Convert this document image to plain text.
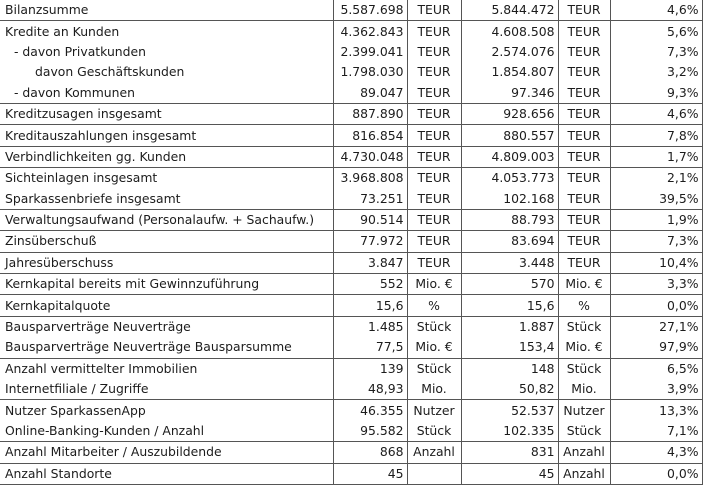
Bilanzsumme	5.587.698	TEUR	5.844.472	TEUR	4,6%
Kredite an Kunden	4.362.843	TEUR	4.608.508	TEUR	5,6%
- davon Privatkunden	2.399.041	TEUR	2.574.076	TEUR	7,3%
davon Geschäftskunden	1.798.030	TEUR	1.854.807	TEUR	3,2%
- davon Kommunen	89.047	TEUR	97.346	TEUR	9,3%
Kreditzusagen insgesamt	887.890	TEUR	928.656	TEUR	4,6%
Kreditauszahlungen insgesamt	816.854	TEUR	880.557	TEUR	7,8%
Verbindlichkeiten gg. Kunden	4.730.048	TEUR	4.809.003	TEUR	1,7%
Sichteinlagen insgesamt	3.968.808	TEUR	4.053.773	TEUR	2,1%
Sparkassenbriefe insgesamt	73.251	TEUR	102.168	TEUR	39,5%
Verwaltungsaufwand (Personalaufw. + Sachaufw.)	90.514	TEUR	88.793	TEUR	1,9%
Zinsüberschuß	77.972	TEUR	83.694	TEUR	7,3%
Jahresüberschuss	3.847	TEUR	3.448	TEUR	10,4%
Kernkapital bereits mit Gewinnzuführung	552	Mio. €	570	Mio. €	3,3%
Kernkapitalquote	15,6	%	15,6	%	0,0%
Bausparverträge Neuverträge	1.485	Stück	1.887	Stück	27,1%
Bausparverträge Neuverträge Bausparsumme	77,5	Mio. €	153,4	Mio. €	97,9%
Anzahl vermittelter Immobilien	139	Stück	148	Stück	6,5%
Internetfiliale / Zugriffe	48,93	Mio.	50,82	Mio.	3,9%
Nutzer SparkassenApp	46.355	Nutzer	52.537	Nutzer	13,3%
Online-Banking-Kunden / Anzahl	95.582	Stück	102.335	Stück	7,1%
Anzahl Mitarbeiter / Auszubildende	868	Anzahl	831	Anzahl	4,3%
Anzahl Standorte	45		45	Anzahl	0,0%
